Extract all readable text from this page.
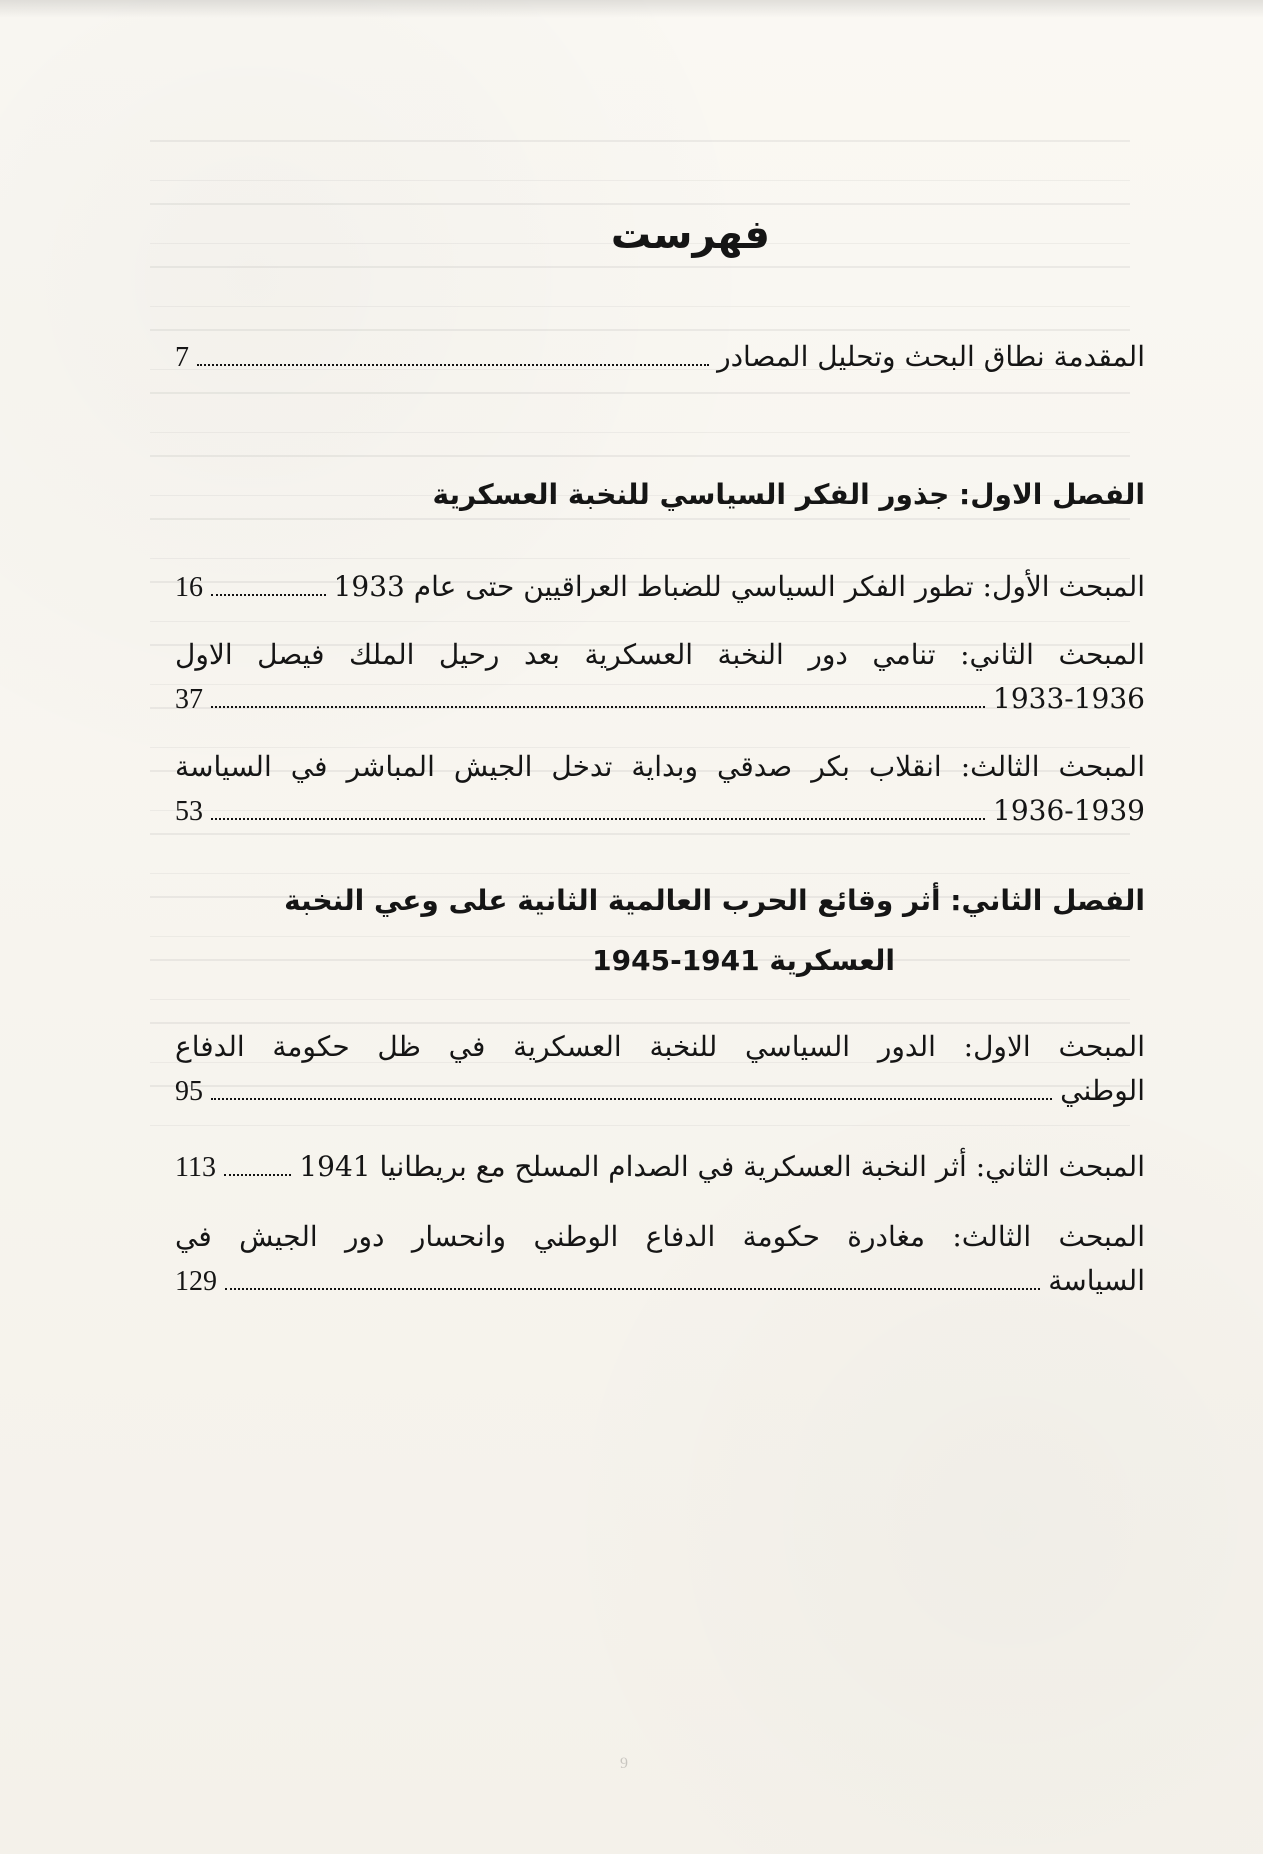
فهرست
المقدمة نطاق البحث وتحليل المصادر
7
الفصل الاول: جذور الفكر السياسي للنخبة العسكرية
المبحث الأول: تطور الفكر السياسي للضباط العراقيين حتى عام 1933
16
المبحث الثاني: تنامي دور النخبة العسكرية بعد رحيل الملك فيصل الاول
1933-1936
37
المبحث الثالث: انقلاب بكر صدقي وبداية تدخل الجيش المباشر في السياسة
1936-1939
53
الفصل الثاني: أثر وقائع الحرب العالمية الثانية على وعي النخبة
العسكرية 1941-1945
المبحث الاول: الدور السياسي للنخبة العسكرية في ظل حكومة الدفاع
الوطني
95
المبحث الثاني: أثر النخبة العسكرية في الصدام المسلح مع بريطانيا 1941
113
المبحث الثالث: مغادرة حكومة الدفاع الوطني وانحسار دور الجيش في
السياسة
129
9
